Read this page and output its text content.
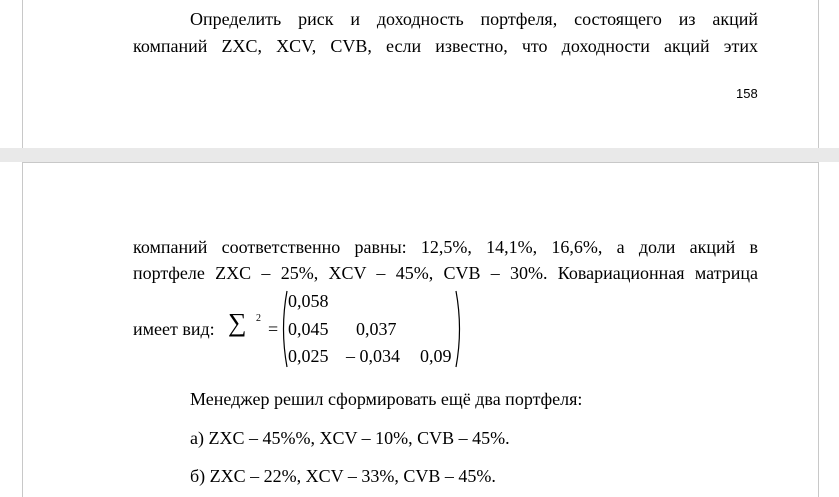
Определить риск и доходность портфеля, состоящего из акций
компаний ZXC, XCV, CVB, если известно, что доходности акций этих
158
компаний соответственно равны: 12,5%, 14,1%, 16,6%, а доли акций в
портфеле ZXC – 25%, XCV – 45%, CVB – 30%. Ковариационная матрица
имеет вид: ∑ 2
=
0,058
0,045 0,037
0,025 – 0,034 0,09
Менеджер решил сформировать ещё два портфеля:
а) ZXC – 45%%, XCV – 10%, CVB – 45%.
б) ZXC – 22%, XCV – 33%, CVB – 45%.
